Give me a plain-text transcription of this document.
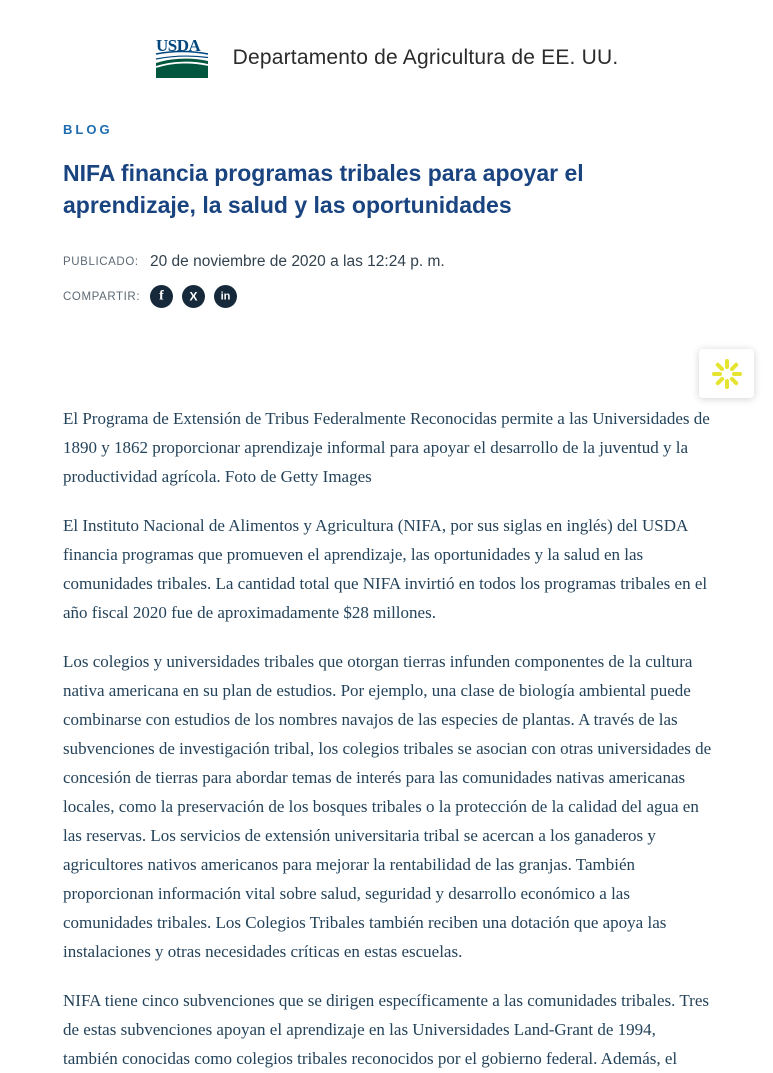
USDA
Departamento de Agricultura de EE. UU.
BLOG
NIFA financia programas tribales para apoyar el aprendizaje, la salud y las oportunidades
PUBLICADO: 20 de noviembre de 2020 a las 12:24 p. m.
COMPARTIR:	f X in

El Programa de Extensión de Tribus Federalmente Reconocidas permite a las Universidades de 1890 y 1862 proporcionar aprendizaje informal para apoyar el desarrollo de la juventud y la productividad agrícola. Foto de Getty Images

El Instituto Nacional de Alimentos y Agricultura (NIFA, por sus siglas en inglés) del USDA financia programas que promueven el aprendizaje, las oportunidades y la salud en las comunidades tribales. La cantidad total que NIFA invirtió en todos los programas tribales en el año fiscal 2020 fue de aproximadamente $28 millones.

Los colegios y universidades tribales que otorgan tierras infunden componentes de la cultura nativa americana en su plan de estudios. Por ejemplo, una clase de biología ambiental puede combinarse con estudios de los nombres navajos de las especies de plantas. A través de las subvenciones de investigación tribal, los colegios tribales se asocian con otras universidades de concesión de tierras para abordar temas de interés para las comunidades nativas americanas locales, como la preservación de los bosques tribales o la protección de la calidad del agua en las reservas. Los servicios de extensión universitaria tribal se acercan a los ganaderos y agricultores nativos americanos para mejorar la rentabilidad de las granjas. También proporcionan información vital sobre salud, seguridad y desarrollo económico a las comunidades tribales. Los Colegios Tribales también reciben una dotación que apoya las instalaciones y otras necesidades críticas en estas escuelas.

NIFA tiene cinco subvenciones que se dirigen específicamente a las comunidades tribales. Tres de estas subvenciones apoyan el aprendizaje en las Universidades Land-Grant de 1994, también conocidas como colegios tribales reconocidos por el gobierno federal. Además, el
